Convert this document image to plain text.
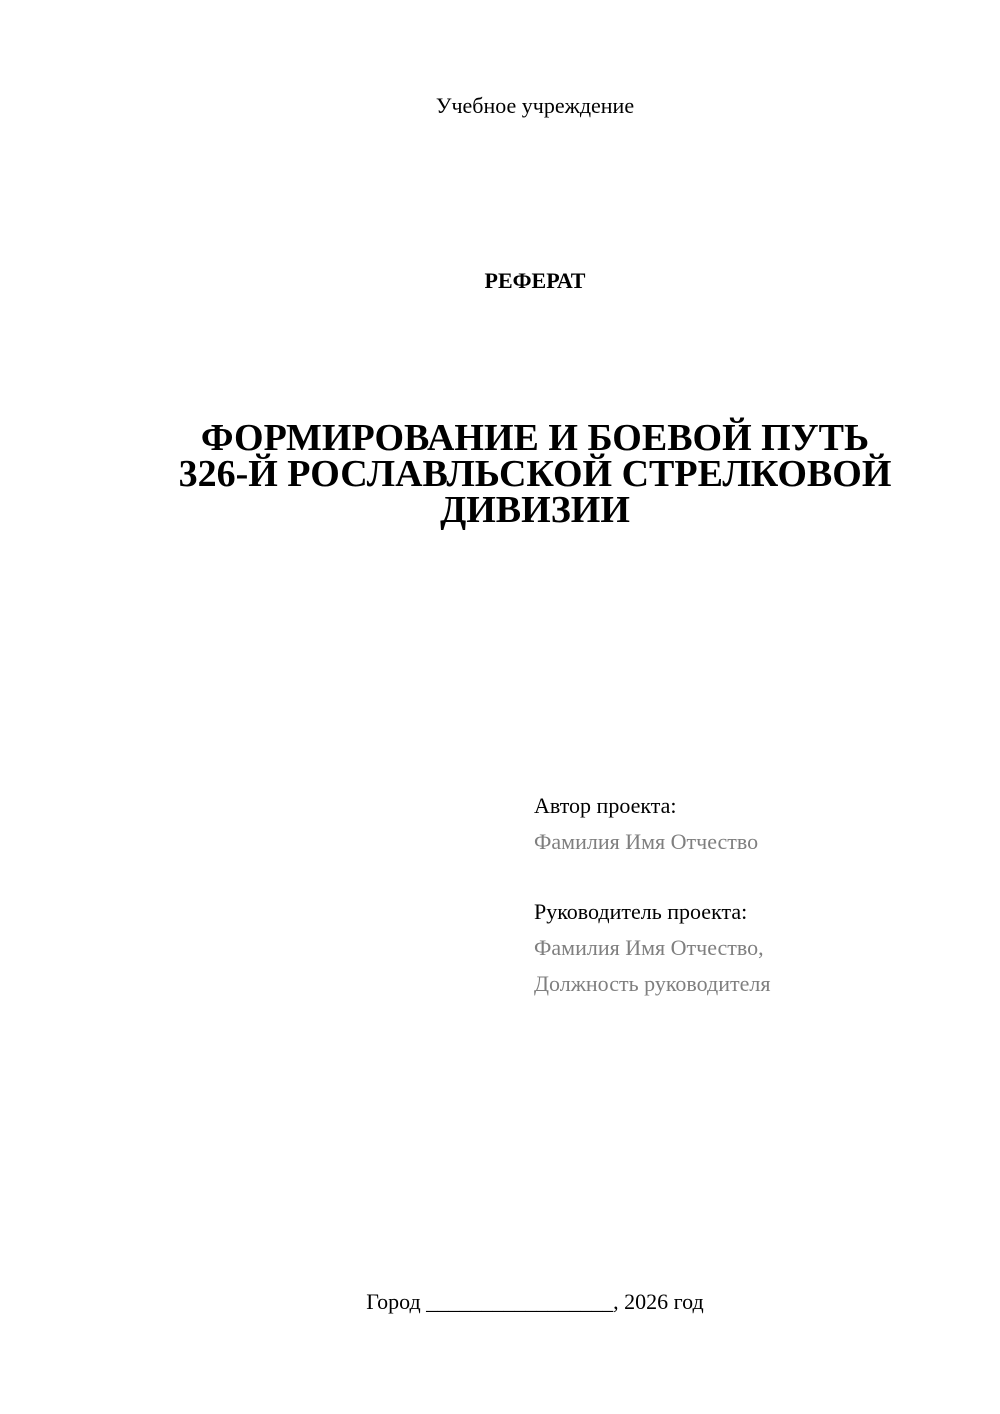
Учебное учреждение
РЕФЕРАТ
ФОРМИРОВАНИЕ И БОЕВОЙ ПУТЬ
326-Й РОСЛАВЛЬСКОЙ СТРЕЛКОВОЙ
ДИВИЗИИ
Автор проекта:
Фамилия Имя Отчество
Руководитель проекта:
Фамилия Имя Отчество,
Должность руководителя
Город _________________, 2026 год
